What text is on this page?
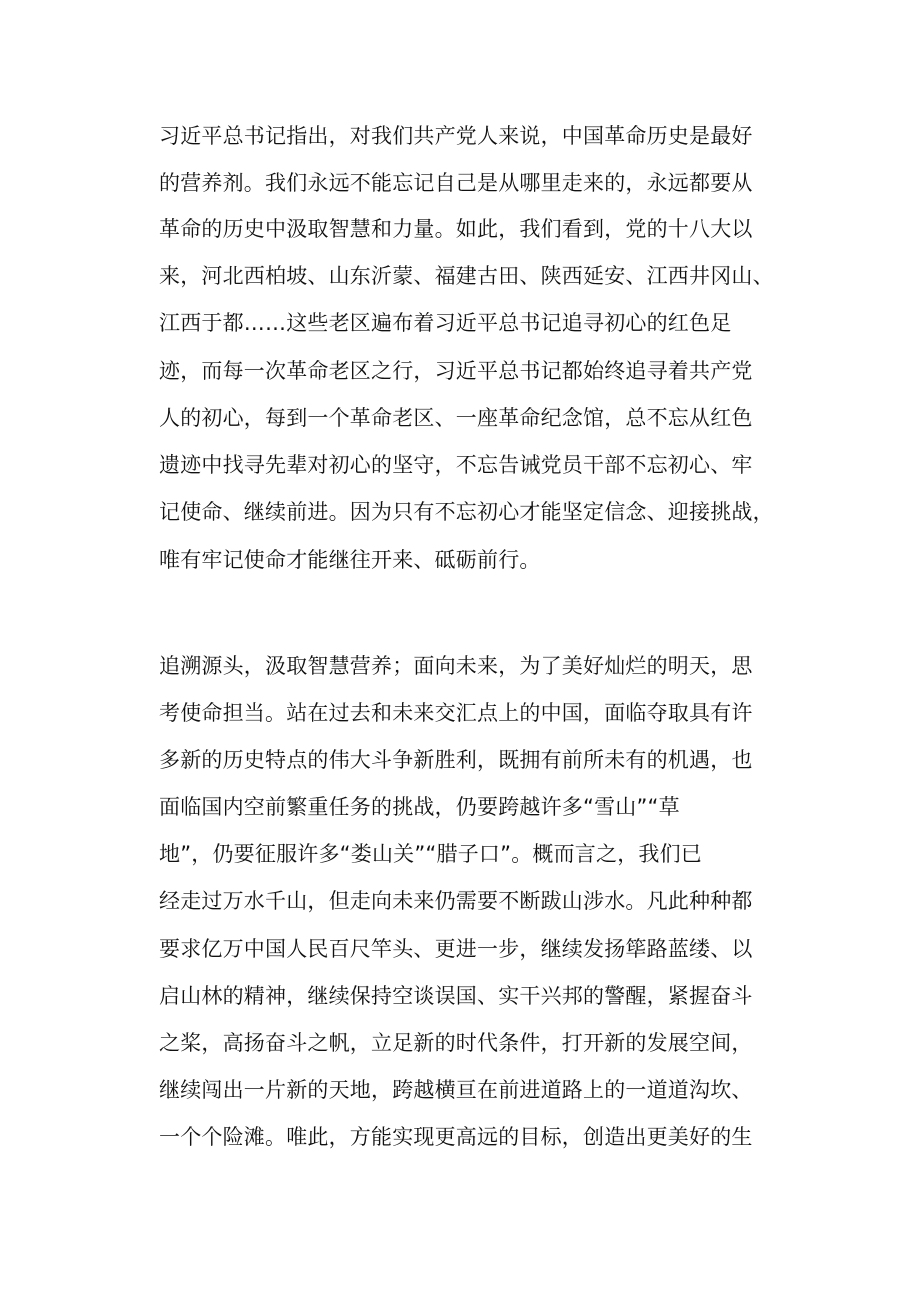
习近平总书记指出，对我们共产党人来说，中国革命历史是最好
的营养剂。我们永远不能忘记自己是从哪里走来的，永远都要从
革命的历史中汲取智慧和力量。如此，我们看到，党的十八大以
来，河北西柏坡、山东沂蒙、福建古田、陕西延安、江西井冈山、
江西于都……这些老区遍布着习近平总书记追寻初心的红色足
迹，而每一次革命老区之行，习近平总书记都始终追寻着共产党
人的初心，每到一个革命老区、一座革命纪念馆，总不忘从红色
遗迹中找寻先辈对初心的坚守，不忘告诫党员干部不忘初心、牢
记使命、继续前进。因为只有不忘初心才能坚定信念、迎接挑战，
唯有牢记使命才能继往开来、砥砺前行。
追溯源头，汲取智慧营养；面向未来，为了美好灿烂的明天，思
考使命担当。站在过去和未来交汇点上的中国，面临夺取具有许
多新的历史特点的伟大斗争新胜利，既拥有前所未有的机遇，也
面临国内空前繁重任务的挑战，仍要跨越许多“雪山”“草
地”，仍要征服许多“娄山关”“腊子口”。概而言之，我们已
经走过万水千山，但走向未来仍需要不断跋山涉水。凡此种种都
要求亿万中国人民百尺竿头、更进一步，继续发扬筚路蓝缕、以
启山林的精神，继续保持空谈误国、实干兴邦的警醒，紧握奋斗
之桨，高扬奋斗之帆，立足新的时代条件，打开新的发展空间，
继续闯出一片新的天地，跨越横亘在前进道路上的一道道沟坎、
一个个险滩。唯此，方能实现更高远的目标，创造出更美好的生
